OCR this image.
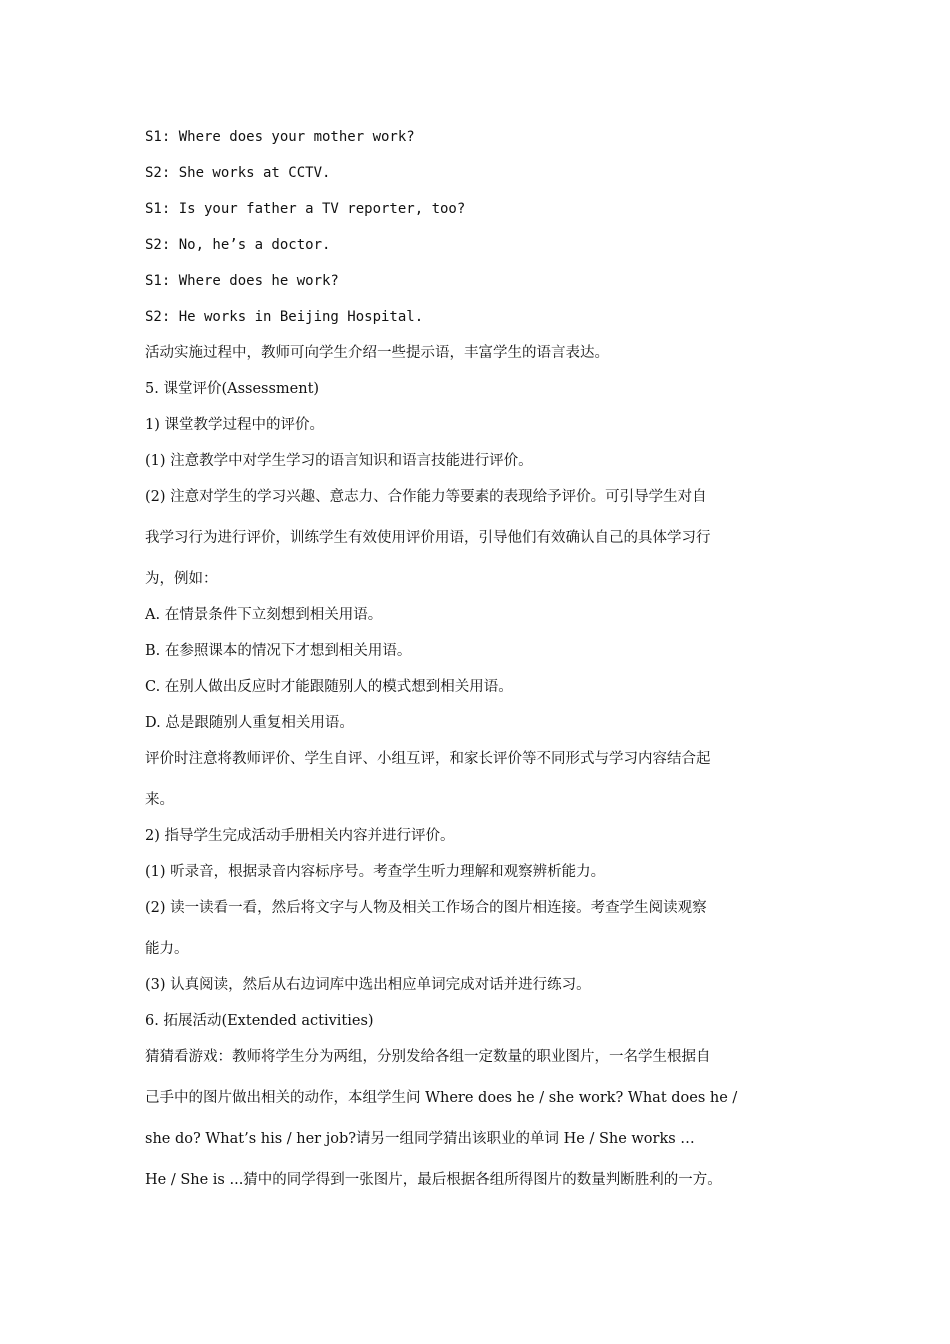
S1: Where does your mother work?
S2: She works at CCTV.
S1: Is your father a TV reporter, too?
S2: No, he’s a doctor.
S1: Where does he work?
S2: He works in Beijing Hospital.
活动实施过程中，教师可向学生介绍一些提示语，丰富学生的语言表达。
5. 课堂评价(Assessment)
1) 课堂教学过程中的评价。
(1) 注意教学中对学生学习的语言知识和语言技能进行评价。
(2) 注意对学生的学习兴趣、意志力、合作能力等要素的表现给予评价。可引导学生对自
我学习行为进行评价，训练学生有效使用评价用语，引导他们有效确认自己的具体学习行
为，例如：
A. 在情景条件下立刻想到相关用语。
B. 在参照课本的情况下才想到相关用语。
C. 在别人做出反应时才能跟随别人的模式想到相关用语。
D. 总是跟随别人重复相关用语。
评价时注意将教师评价、学生自评、小组互评，和家长评价等不同形式与学习内容结合起
来。
2) 指导学生完成活动手册相关内容并进行评价。
(1) 听录音，根据录音内容标序号。考查学生听力理解和观察辨析能力。
(2) 读一读看一看，然后将文字与人物及相关工作场合的图片相连接。考查学生阅读观察
能力。
(3) 认真阅读，然后从右边词库中选出相应单词完成对话并进行练习。
6. 拓展活动(Extended activities)
猜猜看游戏：教师将学生分为两组，分别发给各组一定数量的职业图片，一名学生根据自
己手中的图片做出相关的动作，本组学生问 Where does he / she work? What does he /
she do? What’s his / her job?请另一组同学猜出该职业的单词 He / She works …
He / She is ...猜中的同学得到一张图片，最后根据各组所得图片的数量判断胜利的一方。
